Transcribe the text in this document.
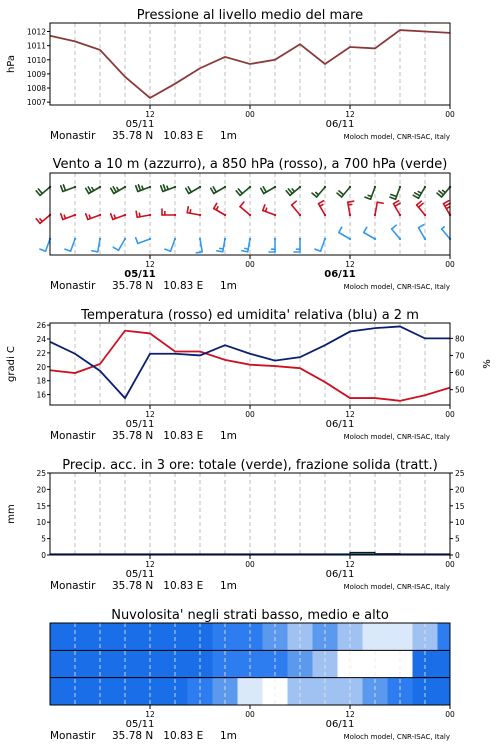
Pressione al livello medio del mare
1007
1008
1009
1010
1011
1012
hPa
12
05/11
00	12
06/11
00
Monastir 35.78 N   10.83 E 1m	Moloch model, CNR-ISAC, Italy
Vento a 10 m (azzurro), a 850 hPa (rosso), a 700 hPa (verde)
12
05/11
00	12
06/11
00
Monastir 35.78 N   10.83 E 1m	Moloch model, CNR-ISAC, Italy
Temperatura (rosso) ed umidita' relativa (blu) a 2 m
16
18
20
22
24
26
50
60
70
80
gradi C	%
12
05/11
00	12
06/11
00
Monastir 35.78 N   10.83 E 1m	Moloch model, CNR-ISAC, Italy
Precip. acc. in 3 ore: totale (verde), frazione solida (tratt.)
0
5
10
15
20
25
0
5
10
15
20
25
mm
12
05/11
00	12
06/11
00
Monastir 35.78 N   10.83 E 1m	Moloch model, CNR-ISAC, Italy
Nuvolosita' negli strati basso, medio e alto
12
05/11
00	12
06/11
00
Monastir 35.78 N   10.83 E 1m	Moloch model, CNR-ISAC, Italy
